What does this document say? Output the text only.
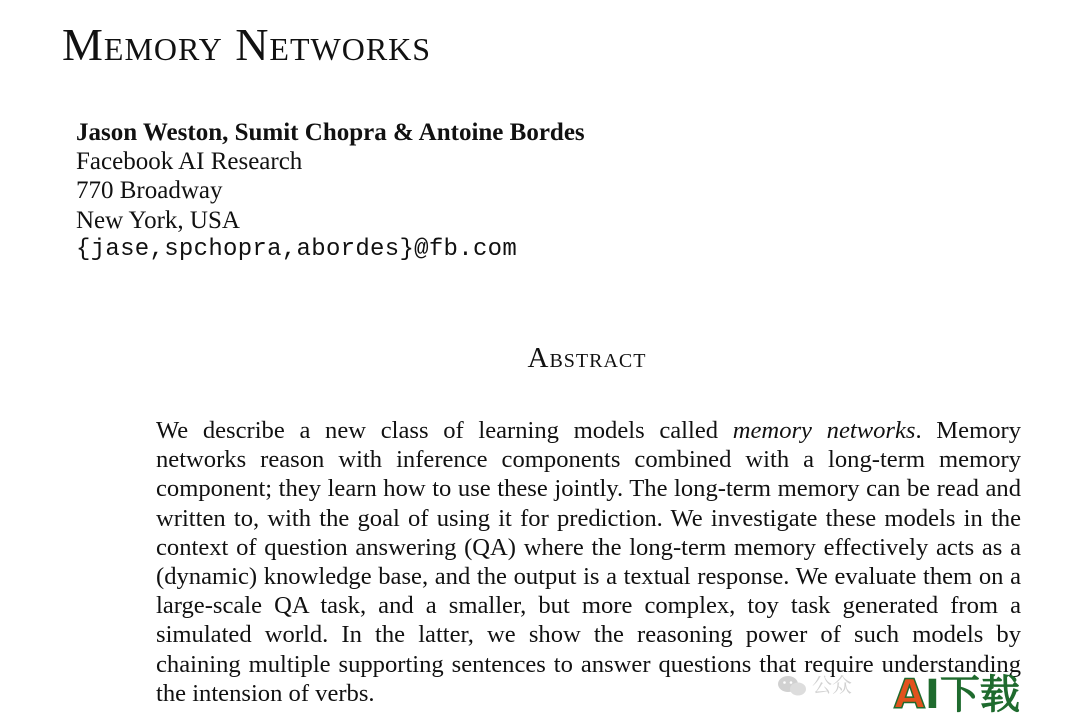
Memory Networks
Jason Weston, Sumit Chopra & Antoine Bordes
Facebook AI Research
770 Broadway
New York, USA
{jase,spchopra,abordes}@fb.com
Abstract
We describe a new class of learning models called memory networks. Memory networks reason with inference components combined with a long-term memory component; they learn how to use these jointly. The long-term memory can be read and written to, with the goal of using it for prediction. We investigate these models in the context of question answering (QA) where the long-term memory effectively acts as a (dynamic) knowledge base, and the output is a textual response. We evaluate them on a large-scale QA task, and a smaller, but more complex, toy task generated from a simulated world. In the latter, we show the reasoning power of such models by chaining multiple supporting sentences to answer questions that require understanding the intension of verbs.	公众 AI下载
